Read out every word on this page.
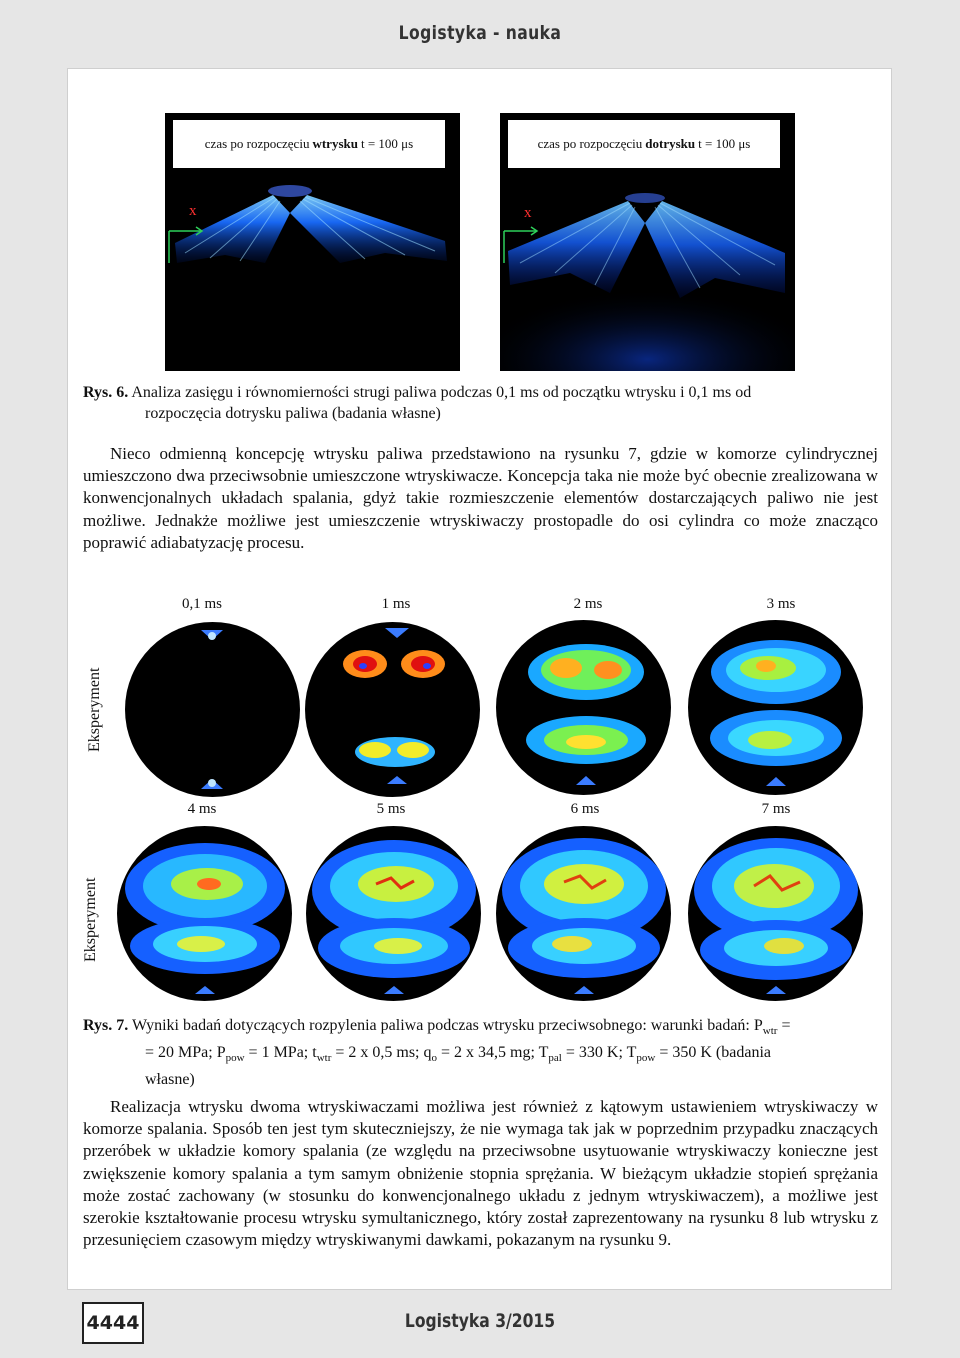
Logistyka - nauka
x
czas po rozpoczęciu wtrysku t = 100 μs
x
czas po rozpoczęciu dotrysku t = 100 μs
Rys. 6. Analiza zasięgu i równomierności strugi paliwa podczas 0,1 ms od początku wtrysku i 0,1 ms od
rozpoczęcia dotrysku paliwa (badania własne)
Nieco odmienną koncepcję wtrysku paliwa przedstawiono na rysunku 7, gdzie w komorze cylindrycznej umieszczono dwa przeciwsobnie umieszczone wtryskiwacze. Koncepcja taka nie może być obecnie zrealizowana w konwencjonalnych układach spalania, gdyż takie rozmieszczenie elementów dostarczających paliwo nie jest możliwe. Jednakże możliwe jest umieszczenie wtryskiwaczy prostopadle do osi cylindra co może znacząco poprawić adiabatyzację procesu.
0,1 ms	1 ms	2 ms	3 ms
Eksperyment
4 ms	5 ms	6 ms	7 ms
Eksperyment
Rys. 7. Wyniki badań dotyczących rozpylenia paliwa podczas wtrysku przeciwsobnego: warunki badań: $P_{wtr}$ =
= 20 MPa; $P_{pow} = 1$ MPa; $t_{wtr} = 2$ x 0,5 ms; $q_o = 2$ x 34,5 mg; $T_{pal} = 330$ K; $T_{pow} = 350$ K (badania
własne)
Realizacja wtrysku dwoma wtryskiwaczami możliwa jest również z kątowym ustawieniem wtryskiwaczy w komorze spalania. Sposób ten jest tym skuteczniejszy, że nie wymaga tak jak w poprzednim przypadku znaczących przeróbek w układzie komory spalania (ze względu na przeciwsobne usytuowanie wtryskiwaczy konieczne jest zwiększenie komory spalania a tym samym obniżenie stopnia sprężania. W bieżącym układzie stopień sprężania może zostać zachowany (w stosunku do konwencjonalnego układu z jednym wtryskiwaczem), a możliwe jest szerokie kształtowanie procesu wtrysku symultanicznego, który został zaprezentowany na rysunku 8 lub wtrysku z przesunięciem czasowym między wtryskiwanymi dawkami, pokazanym na rysunku 9.
4444	Logistyka 3/2015
